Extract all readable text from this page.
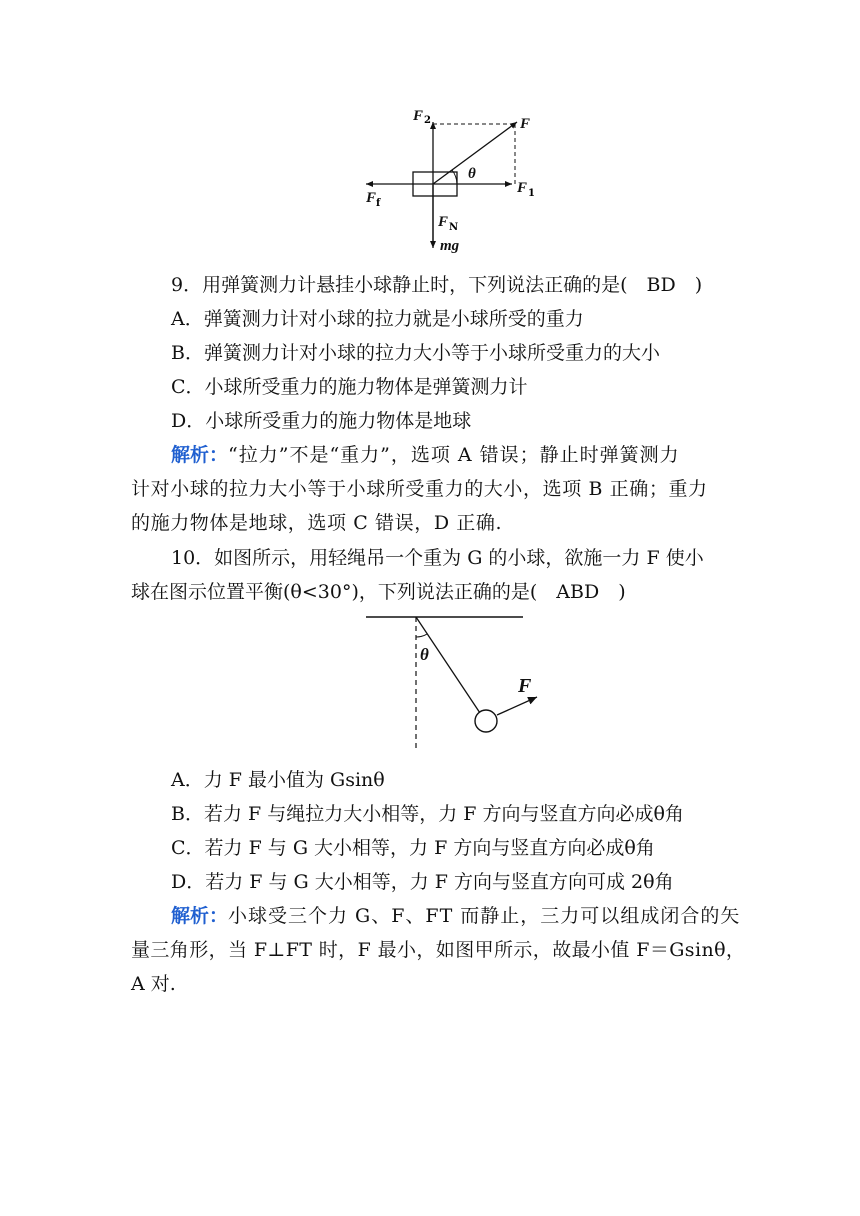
F 2	F
θ
F 1
F f
F N
mg
9．用弹簧测力计悬挂小球静止时，下列说法正确的是(　BD　)
A．弹簧测力计对小球的拉力就是小球所受的重力
B．弹簧测力计对小球的拉力大小等于小球所受重力的大小
C．小球所受重力的施力物体是弹簧测力计
D．小球所受重力的施力物体是地球
解析：“拉力”不是“重力”，选项 A 错误；静止时弹簧测力
计对小球的拉力大小等于小球所受重力的大小，选项 B 正确；重力
的施力物体是地球，选项 C 错误，D 正确.
10．如图所示，用轻绳吊一个重为 G 的小球，欲施一力 F 使小
球在图示位置平衡(θ<30°)，下列说法正确的是(　ABD　)
θ
F
A．力 F 最小值为 Gsinθ
B．若力 F 与绳拉力大小相等，力 F 方向与竖直方向必成θ角
C．若力 F 与 G 大小相等，力 F 方向与竖直方向必成θ角
D．若力 F 与 G 大小相等，力 F 方向与竖直方向可成 2θ角
解析：小球受三个力 G、F、FT 而静止，三力可以组成闭合的矢
量三角形，当 F⊥FT 时，F 最小，如图甲所示，故最小值 F＝Gsinθ，
A 对.
